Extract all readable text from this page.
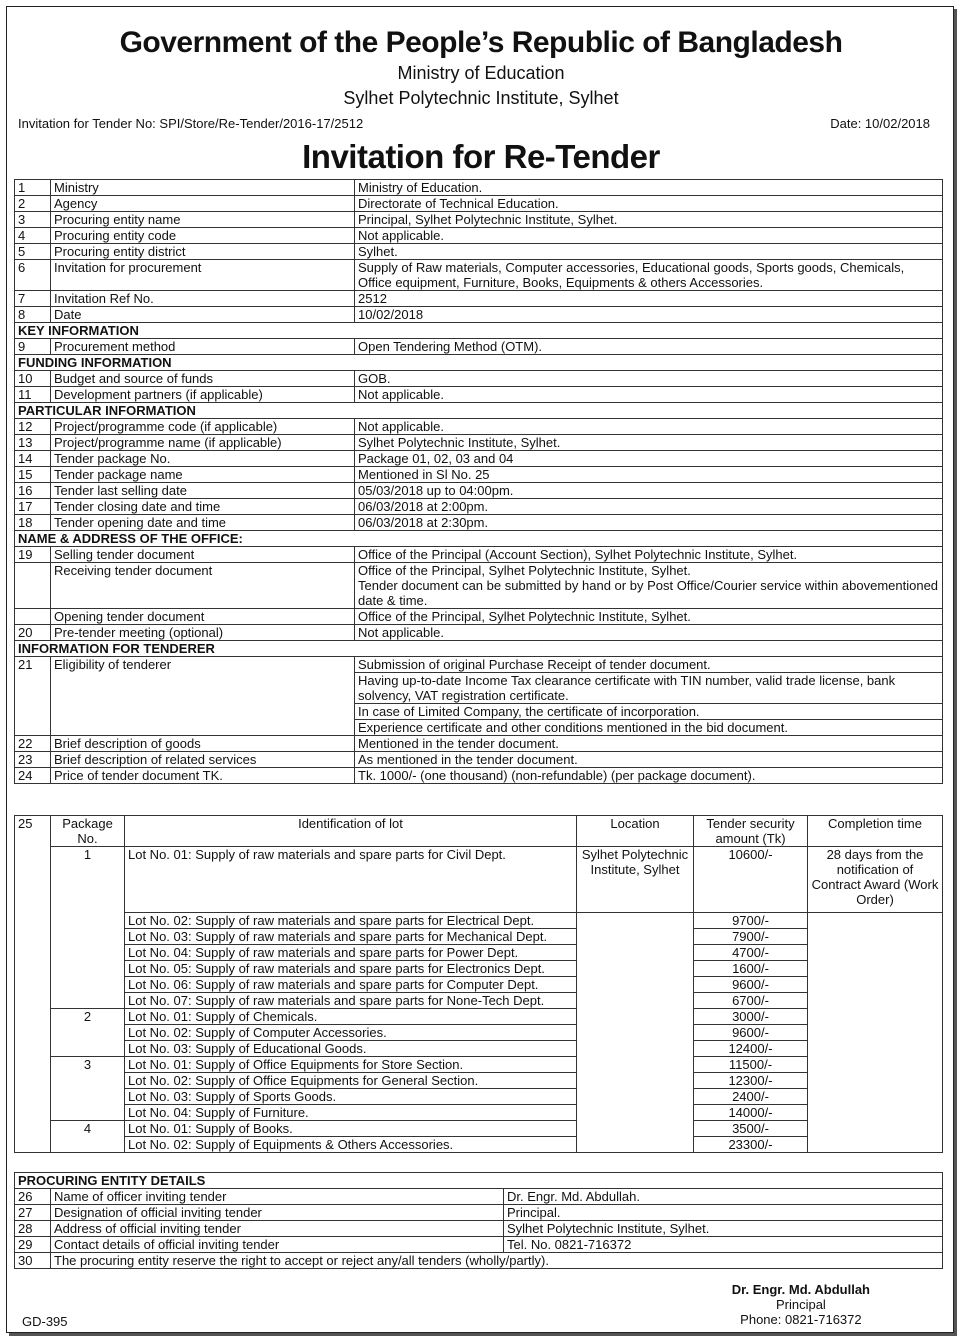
Government of the People’s Republic of Bangladesh
Ministry of Education
Sylhet Polytechnic Institute, Sylhet
Invitation for Tender No: SPI/Store/Re-Tender/2016-17/2512	Date: 10/02/2018
Invitation for Re-Tender
1	Ministry	Ministry of Education.
2	Agency	Directorate of Technical Education.
3	Procuring entity name	Principal, Sylhet Polytechnic Institute, Sylhet.
4	Procuring entity code	Not applicable.
5	Procuring entity district	Sylhet.
6	Invitation for procurement	Supply of Raw materials, Computer accessories, Educational goods, Sports goods, Chemicals, Office equipment, Furniture, Books, Equipments & others Accessories.
7	Invitation Ref No.	2512
8	Date	10/02/2018
KEY INFORMATION		
9	Procurement method	Open Tendering Method (OTM).
FUNDING INFORMATION		
10	Budget and source of funds	GOB.
11	Development partners (if applicable)	Not applicable.
PARTICULAR INFORMATION		
12	Project/programme code (if applicable)	Not applicable.
13	Project/programme name (if applicable)	Sylhet Polytechnic Institute, Sylhet.
14	Tender package No.	Package 01, 02, 03 and 04
15	Tender package name	Mentioned in Sl No. 25
16	Tender last selling date	05/03/2018 up to 04:00pm.
17	Tender closing date and time	06/03/2018 at 2:00pm.
18	Tender opening date and time	06/03/2018 at 2:30pm.
NAME & ADDRESS OF THE OFFICE:		
19	Selling tender document	Office of the Principal (Account Section), Sylhet Polytechnic Institute, Sylhet.
	Receiving tender document	Office of the Principal, Sylhet Polytechnic Institute, Sylhet.
Tender document can be submitted by hand or by Post Office/Courier service within abovementioned date & time.

	Opening tender document	Office of the Principal, Sylhet Polytechnic Institute, Sylhet.
20	Pre-tender meeting (optional)	Not applicable.
INFORMATION FOR TENDERER		
21	Eligibility of tenderer	Submission of original Purchase Receipt of tender document.
		Having up-to-date Income Tax clearance certificate with TIN number, valid trade license, bank solvency, VAT registration certificate.
		In case of Limited Company, the certificate of incorporation.
		Experience certificate and other conditions mentioned in the bid document.
22	Brief description of goods	Mentioned in the tender document.
23	Brief description of related services	As mentioned in the tender document.
24	Price of tender document TK.	Tk. 1000/- (one thousand) (non-refundable) (per package document).
25	Package No.	Identification of lot	Location	Tender security amount (Tk)	Completion time
	1	Lot No. 01: Supply of raw materials and spare parts for Civil Dept.	Sylhet Polytechnic Institute, Sylhet	10600/-	28 days from the notification of Contract Award (Work Order)
		Lot No. 02: Supply of raw materials and spare parts for Electrical Dept.		9700/-	
		Lot No. 03: Supply of raw materials and spare parts for Mechanical Dept.		7900/-	
		Lot No. 04: Supply of raw materials and spare parts for Power Dept.		4700/-	
		Lot No. 05: Supply of raw materials and spare parts for Electronics Dept.		1600/-	
		Lot No. 06: Supply of raw materials and spare parts for Computer Dept.		9600/-	
		Lot No. 07: Supply of raw materials and spare parts for None-Tech Dept.		6700/-	
	2	Lot No. 01: Supply of Chemicals.		3000/-	
		Lot No. 02: Supply of Computer Accessories.		9600/-	
		Lot No. 03: Supply of Educational Goods.		12400/-	
	3	Lot No. 01: Supply of Office Equipments for Store Section.		11500/-	
		Lot No. 02: Supply of Office Equipments for General Section.		12300/-	
		Lot No. 03: Supply of Sports Goods.		2400/-	
		Lot No. 04: Supply of Furniture.		14000/-	
	4	Lot No. 01: Supply of Books.		3500/-	
		Lot No. 02: Supply of Equipments & Others Accessories.		23300/-	
PROCURING ENTITY DETAILS		
26	Name of officer inviting tender	Dr. Engr. Md. Abdullah.
27	Designation of official inviting tender	Principal.
28	Address of official inviting tender	Sylhet Polytechnic Institute, Sylhet.
29	Contact details of official inviting tender	Tel. No. 0821-716372
30	The procuring entity reserve the right to accept or reject any/all tenders (wholly/partly).	
Dr. Engr. Md. Abdullah
Principal
Phone: 0821-716372
GD-395
